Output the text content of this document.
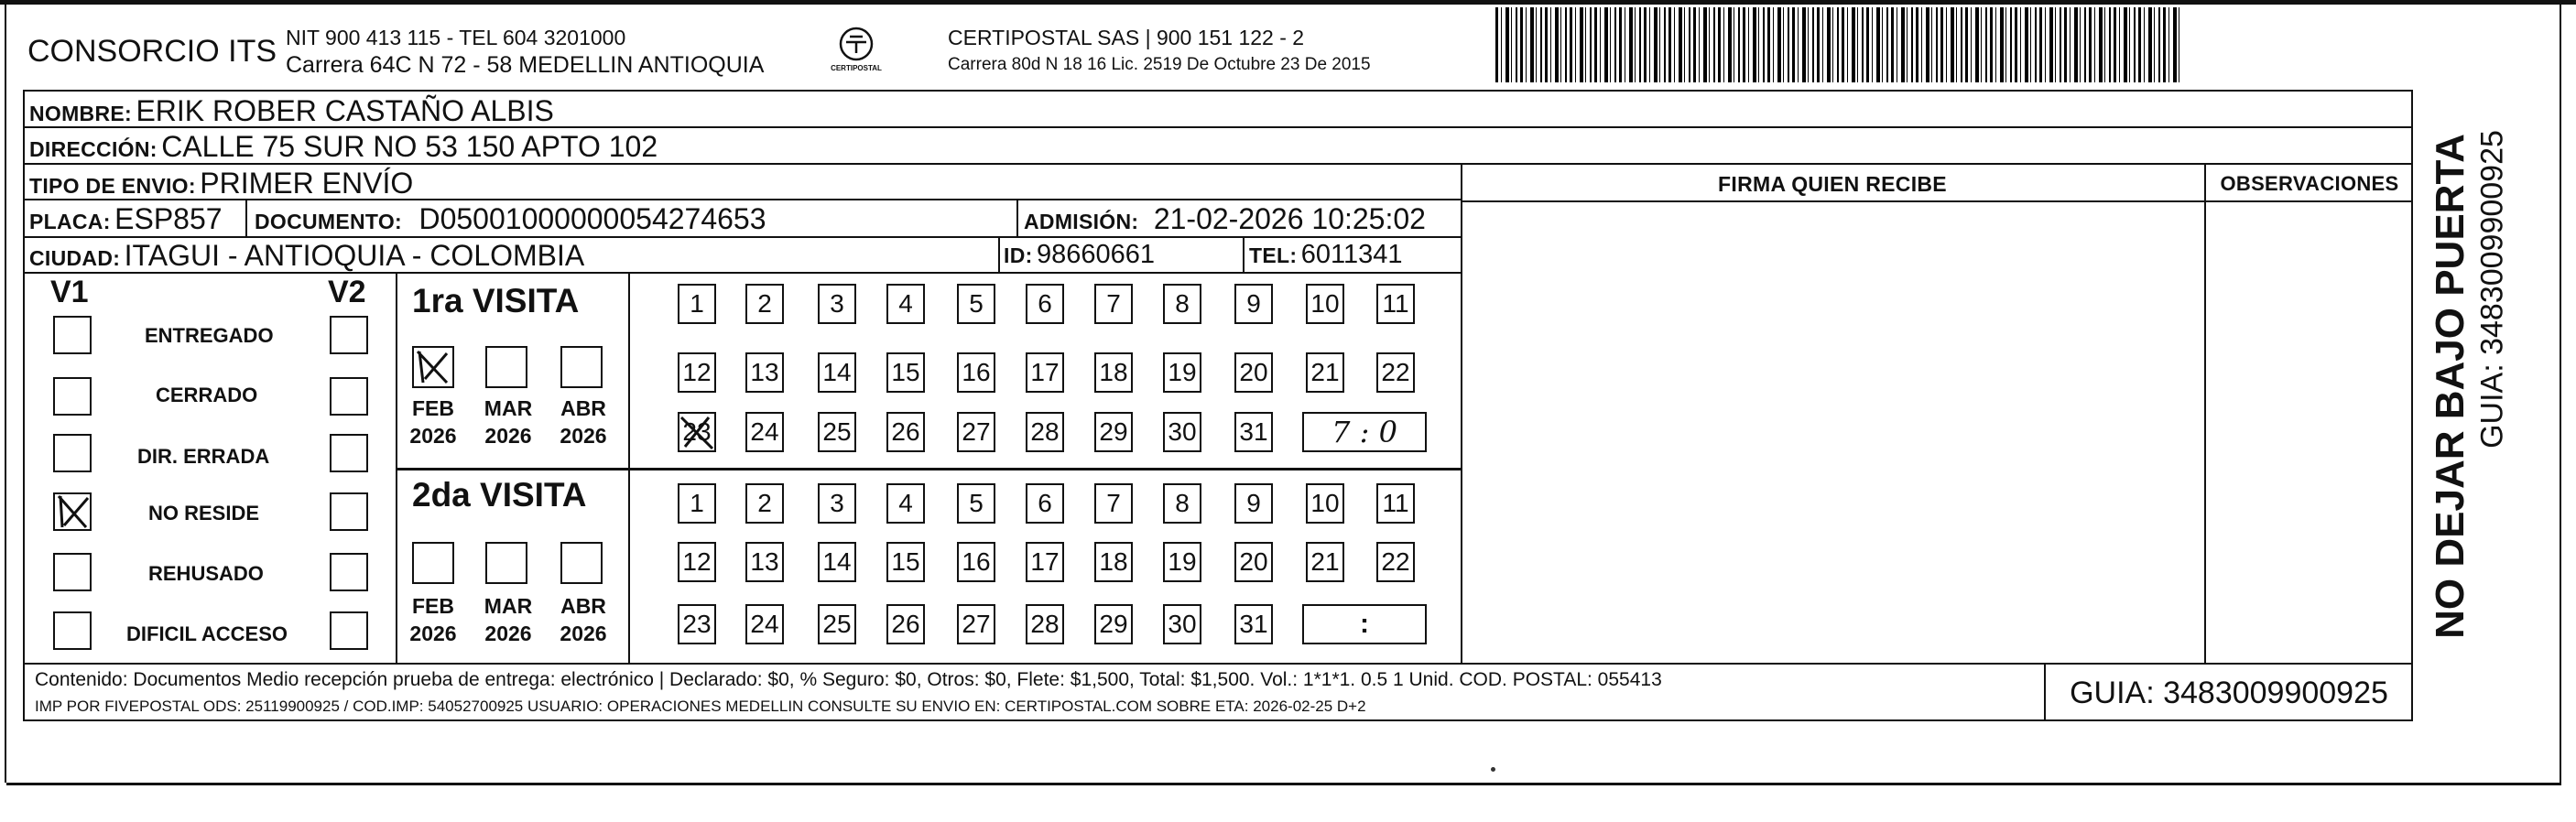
CONSORCIO ITS NIT 900 413 115 - TEL 604 3201000
Carrera 64C N 72 - 58 MEDELLIN ANTIOQUIA	CERTIPOSTAL
CERTIPOSTAL SAS | 900 151 122 - 2
Carrera 80d N 18 16 Lic. 2519 De Octubre 23 De 2015
NOMBRE: ERIK ROBER CASTAÑO ALBIS
DIRECCIÓN: CALLE 75 SUR NO 53 150 APTO 102
TIPO DE ENVIO: PRIMER ENVÍO
PLACA: ESP857 DOCUMENTO: D05001000000054274653	ADMISIÓN: 21-02-2026 10:25:02
CIUDAD: ITAGUI - ANTIOQUIA - COLOMBIA	ID: 98660661	TEL: 6011341
FIRMA QUIEN RECIBE	OBSERVACIONES
V1	V2
ENTREGADO
CERRADO
DIR. ERRADA
NO RESIDE
REHUSADO
DIFICIL ACCESO
1ra VISITA
FEB	MAR	ABR
2026	2026	2026
1	2	3	4	5	6	7	8	9	10 11
12 13 14 15 16 17 18 19 20 21 22
23 24 25 26 27 28 29 30 31 7 : 0
2da VISITA
FEB	MAR	ABR
2026	2026	2026
1	2	3	4	5	6	7	8	9	10 11
12 13 14 15 16 17 18 19 20 21 22
23 24 25 26 27 28 29 30 31	:
Contenido: Documentos Medio recepción prueba de entrega: electrónico | Declarado: $0, % Seguro: $0, Otros: $0, Flete: $1,500, Total: $1,500. Vol.: 1*1*1. 0.5 1 Unid. COD. POSTAL: 055413
IMP POR FIVEPOSTAL ODS: 25119900925 / COD.IMP: 54052700925 USUARIO: OPERACIONES MEDELLIN CONSULTE SU ENVIO EN: CERTIPOSTAL.COM SOBRE ETA: 2026-02-25 D+2	GUIA: 3483009900925
NO DEJAR BAJO PUERTA GUIA: 3483009900925
